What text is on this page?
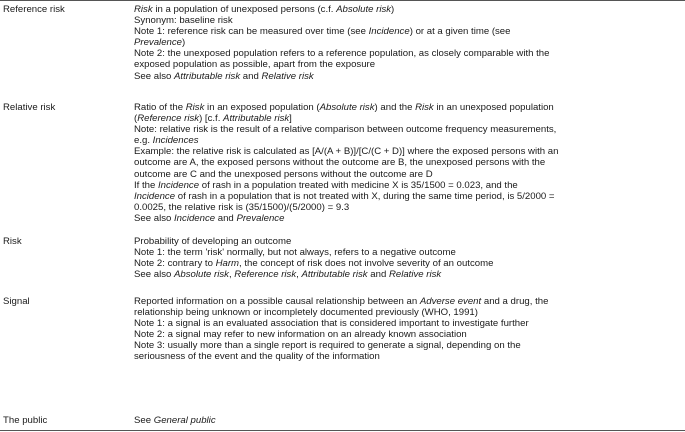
Reference risk	Risk in a population of unexposed persons (c.f. Absolute risk)
Synonym: baseline risk
Note 1: reference risk can be measured over time (see Incidence) or at a given time (see
Prevalence)
Note 2: the unexposed population refers to a reference population, as closely comparable with the
exposed population as possible, apart from the exposure
See also Attributable risk and Relative risk
Relative risk	Ratio of the Risk in an exposed population (Absolute risk) and the Risk in an unexposed population
(Reference risk) [c.f. Attributable risk]
Note: relative risk is the result of a relative comparison between outcome frequency measurements,
e.g. Incidences
Example: the relative risk is calculated as [A/(A + B)]/[C/(C + D)] where the exposed persons with an
outcome are A, the exposed persons without the outcome are B, the unexposed persons with the
outcome are C and the unexposed persons without the outcome are D
If the Incidence of rash in a population treated with medicine X is 35/1500 = 0.023, and the
Incidence of rash in a population that is not treated with X, during the same time period, is 5/2000 =
0.0025, the relative risk is (35/1500)/(5/2000) = 9.3
See also Incidence and Prevalence
Risk	Probability of developing an outcome
Note 1: the term 'risk' normally, but not always, refers to a negative outcome
Note 2: contrary to Harm, the concept of risk does not involve severity of an outcome
See also Absolute risk, Reference risk, Attributable risk and Relative risk
Signal	Reported information on a possible causal relationship between an Adverse event and a drug, the
relationship being unknown or incompletely documented previously (WHO, 1991)
Note 1: a signal is an evaluated association that is considered important to investigate further
Note 2: a signal may refer to new information on an already known association
Note 3: usually more than a single report is required to generate a signal, depending on the
seriousness of the event and the quality of the information
The public	See General public
